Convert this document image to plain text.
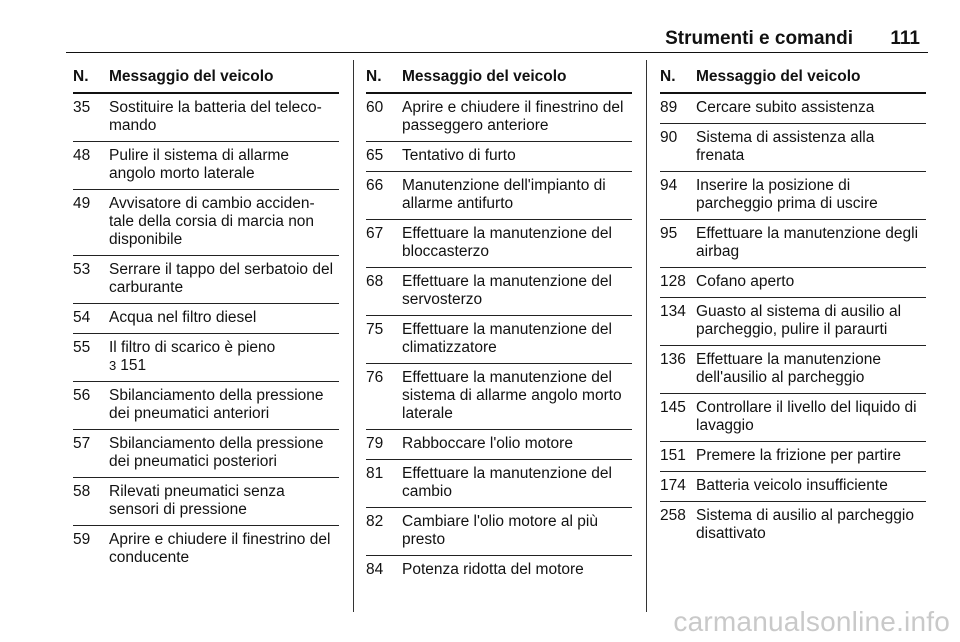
Strumenti e comandi 111
N.	Messaggio del veicolo
35	Sostituire la batteria del teleco-mando
48	Pulire il sistema di allarme angolo morto laterale
49	Avvisatore di cambio acciden-tale della corsia di marcia non disponibile
53	Serrare il tappo del serbatoio del carburante
54	Acqua nel filtro diesel
55	Il filtro di scarico è pieno
3 151
56	Sbilanciamento della pressione dei pneumatici anteriori
57	Sbilanciamento della pressione dei pneumatici posteriori
58	Rilevati pneumatici senza sensori di pressione
59	Aprire e chiudere il finestrino del conducente
N.	Messaggio del veicolo
60	Aprire e chiudere il finestrino del passeggero anteriore
65	Tentativo di furto
66	Manutenzione dell'impianto di allarme antifurto
67	Effettuare la manutenzione del bloccasterzo
68	Effettuare la manutenzione del servosterzo
75	Effettuare la manutenzione del climatizzatore
76	Effettuare la manutenzione del sistema di allarme angolo morto laterale
79	Rabboccare l'olio motore
81	Effettuare la manutenzione del cambio
82	Cambiare l'olio motore al più presto
84	Potenza ridotta del motore
N.	Messaggio del veicolo
89	Cercare subito assistenza
90	Sistema di assistenza alla frenata
94	Inserire la posizione di parcheggio prima di uscire
95	Effettuare la manutenzione degli airbag
128 Cofano aperto
134 Guasto al sistema di ausilio al parcheggio, pulire il paraurti
136 Effettuare la manutenzione dell'ausilio al parcheggio
145 Controllare il livello del liquido di lavaggio
151 Premere la frizione per partire
174 Batteria veicolo insufficiente
258 Sistema di ausilio al parcheggio disattivato
carmanualsonline.info
